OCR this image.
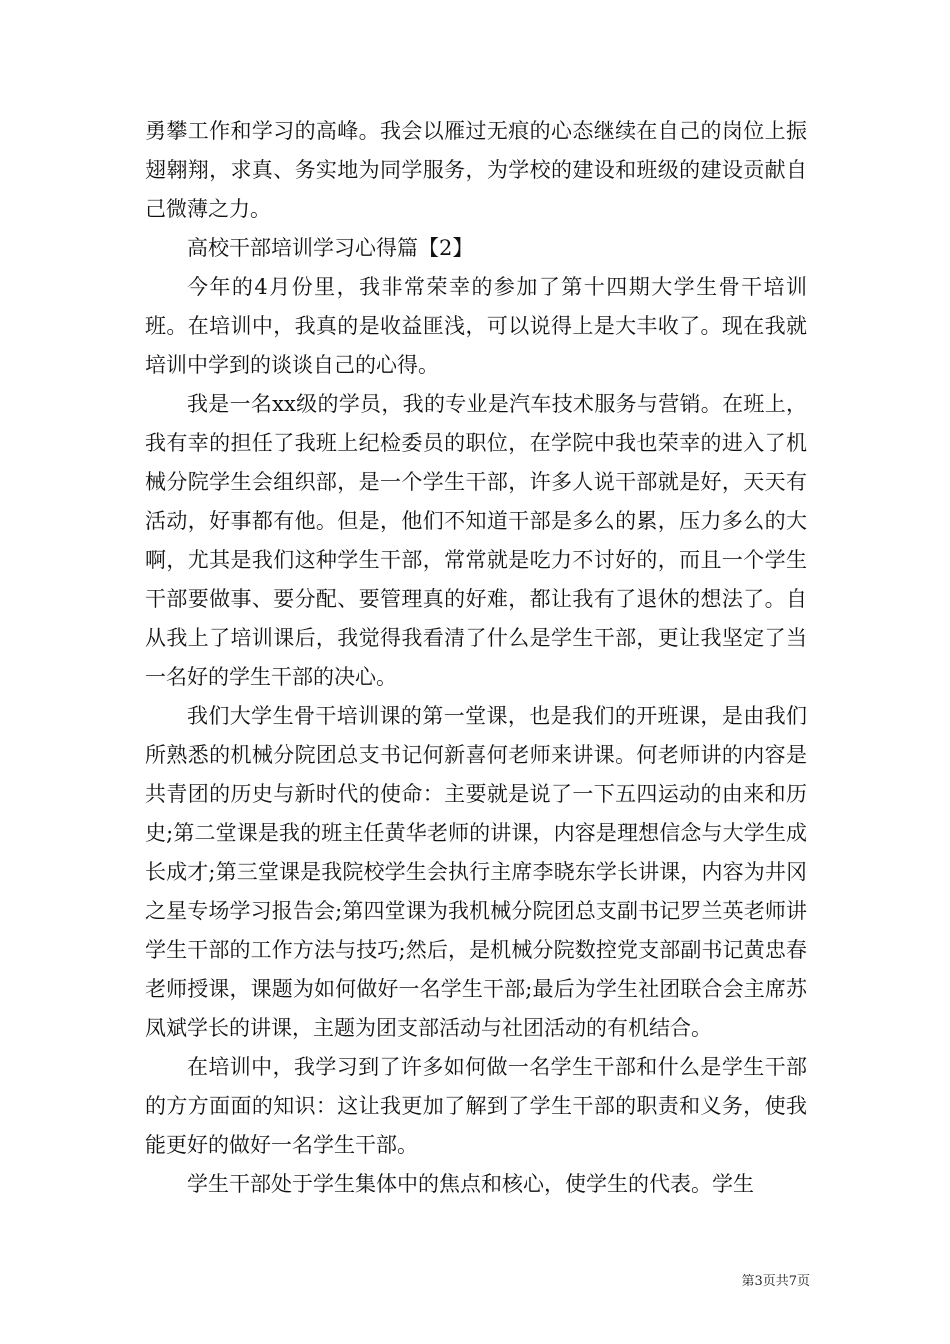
勇攀工作和学习的高峰。我会以雁过无痕的心态继续在自己的岗位上振翅翱翔，求真、务实地为同学服务，为学校的建设和班级的建设贡献自己微薄之力。

高校干部培训学习心得篇【2】

今年的4月份里，我非常荣幸的参加了第十四期大学生骨干培训班。在培训中，我真的是收益匪浅，可以说得上是大丰收了。现在我就培训中学到的谈谈自己的心得。

我是一名xx级的学员，我的专业是汽车技术服务与营销。在班上，我有幸的担任了我班上纪检委员的职位，在学院中我也荣幸的进入了机械分院学生会组织部，是一个学生干部，许多人说干部就是好，天天有活动，好事都有他。但是，他们不知道干部是多么的累，压力多么的大啊，尤其是我们这种学生干部，常常就是吃力不讨好的，而且一个学生干部要做事、要分配、要管理真的好难，都让我有了退休的想法了。自从我上了培训课后，我觉得我看清了什么是学生干部，更让我坚定了当一名好的学生干部的决心。

我们大学生骨干培训课的第一堂课，也是我们的开班课，是由我们所熟悉的机械分院团总支书记何新喜何老师来讲课。何老师讲的内容是共青团的历史与新时代的使命：主要就是说了一下五四运动的由来和历史;第二堂课是我的班主任黄华老师的讲课，内容是理想信念与大学生成长成才;第三堂课是我院校学生会执行主席李晓东学长讲课，内容为井冈之星专场学习报告会;第四堂课为我机械分院团总支副书记罗兰英老师讲学生干部的工作方法与技巧;然后，是机械分院数控党支部副书记黄忠春老师授课，课题为如何做好一名学生干部;最后为学生社团联合会主席苏凤斌学长的讲课，主题为团支部活动与社团活动的有机结合。

在培训中，我学习到了许多如何做一名学生干部和什么是学生干部的方方面面的知识：这让我更加了解到了学生干部的职责和义务，使我能更好的做好一名学生干部。

学生干部处于学生集体中的焦点和核心，使学生的代表。学生

第3页共7页
